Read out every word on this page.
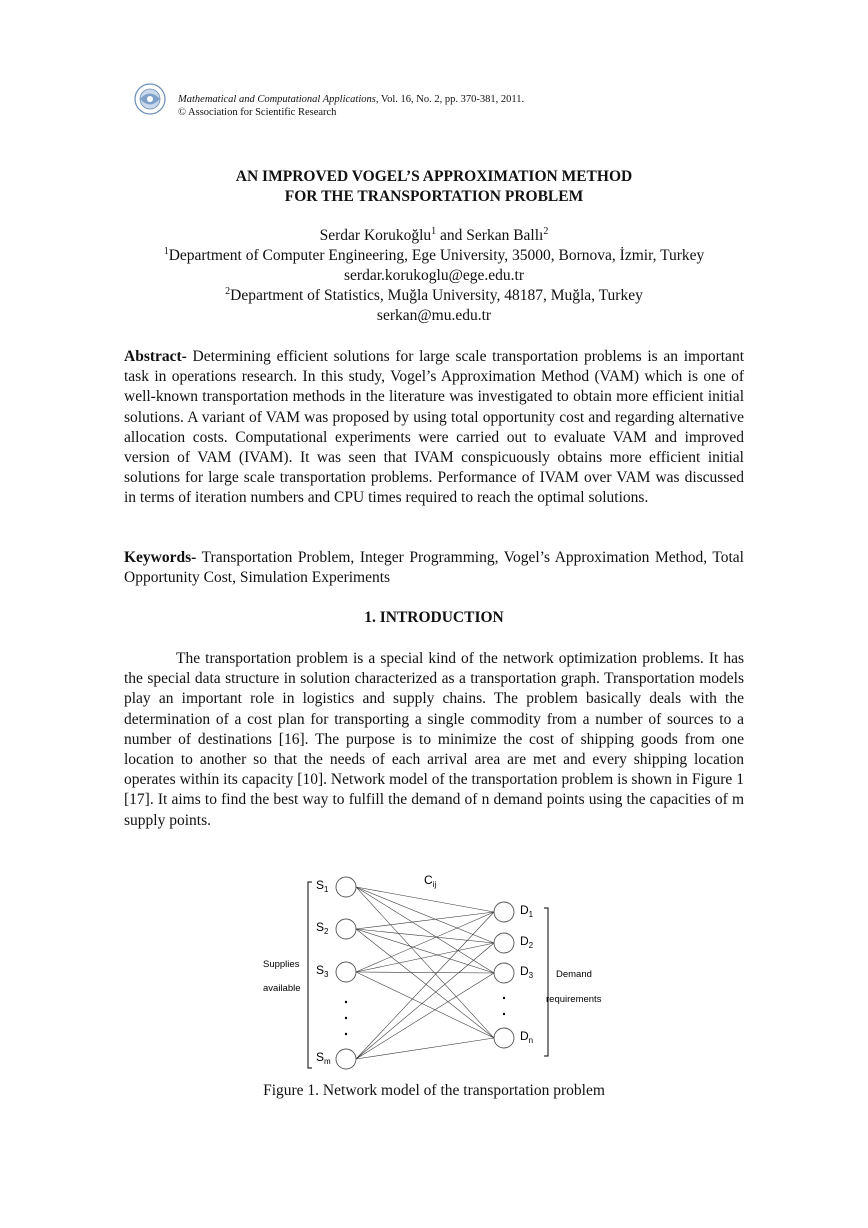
Mathematical and Computational Applications, Vol. 16, No. 2, pp. 370-381, 2011.
© Association for Scientific Research
AN IMPROVED VOGEL’S APPROXIMATION METHOD
FOR THE TRANSPORTATION PROBLEM
Serdar Korukoğlu$^1$ and Serkan Ballı$^2$
$^1$Department of Computer Engineering, Ege University, 35000, Bornova, İzmir, Turkey
serdar.korukoglu@ege.edu.tr
$^2$Department of Statistics, Muğla University, 48187, Muğla, Turkey
serkan@mu.edu.tr
Abstract- Determining efficient solutions for large scale transportation problems is an important task in operations research. In this study, Vogel’s Approximation Method (VAM) which is one of well-known transportation methods in the literature was investigated to obtain more efficient initial solutions. A variant of VAM was proposed by using total opportunity cost and regarding alternative allocation costs. Computational experiments were carried out to evaluate VAM and improved version of VAM (IVAM). It was seen that IVAM conspicuously obtains more efficient initial solutions for large scale transportation problems. Performance of IVAM over VAM was discussed in terms of iteration numbers and CPU times required to reach the optimal solutions.
Keywords- Transportation Problem, Integer Programming, Vogel’s Approximation Method, Total Opportunity Cost, Simulation Experiments
1. INTRODUCTION
The transportation problem is a special kind of the network optimization problems. It has the special data structure in solution characterized as a transportation graph. Transportation models play an important role in logistics and supply chains. The problem basically deals with the determination of a cost plan for transporting a single commodity from a number of sources to a number of destinations [16]. The purpose is to minimize the cost of shipping goods from one location to another so that the needs of each arrival area are met and every shipping location operates within its capacity [10]. Network model of the transportation problem is shown in Figure 1 [17]. It aims to find the best way to fulfill the demand of n demand points using the capacities of m supply points.
$S_1$
$S_2$
$S_3$
$S_m$
$D_1$
$D_2$
$D_3$
$D_n$
$C_{ij}$
Supplies
available
Demand
requirements
Figure 1. Network model of the transportation problem
